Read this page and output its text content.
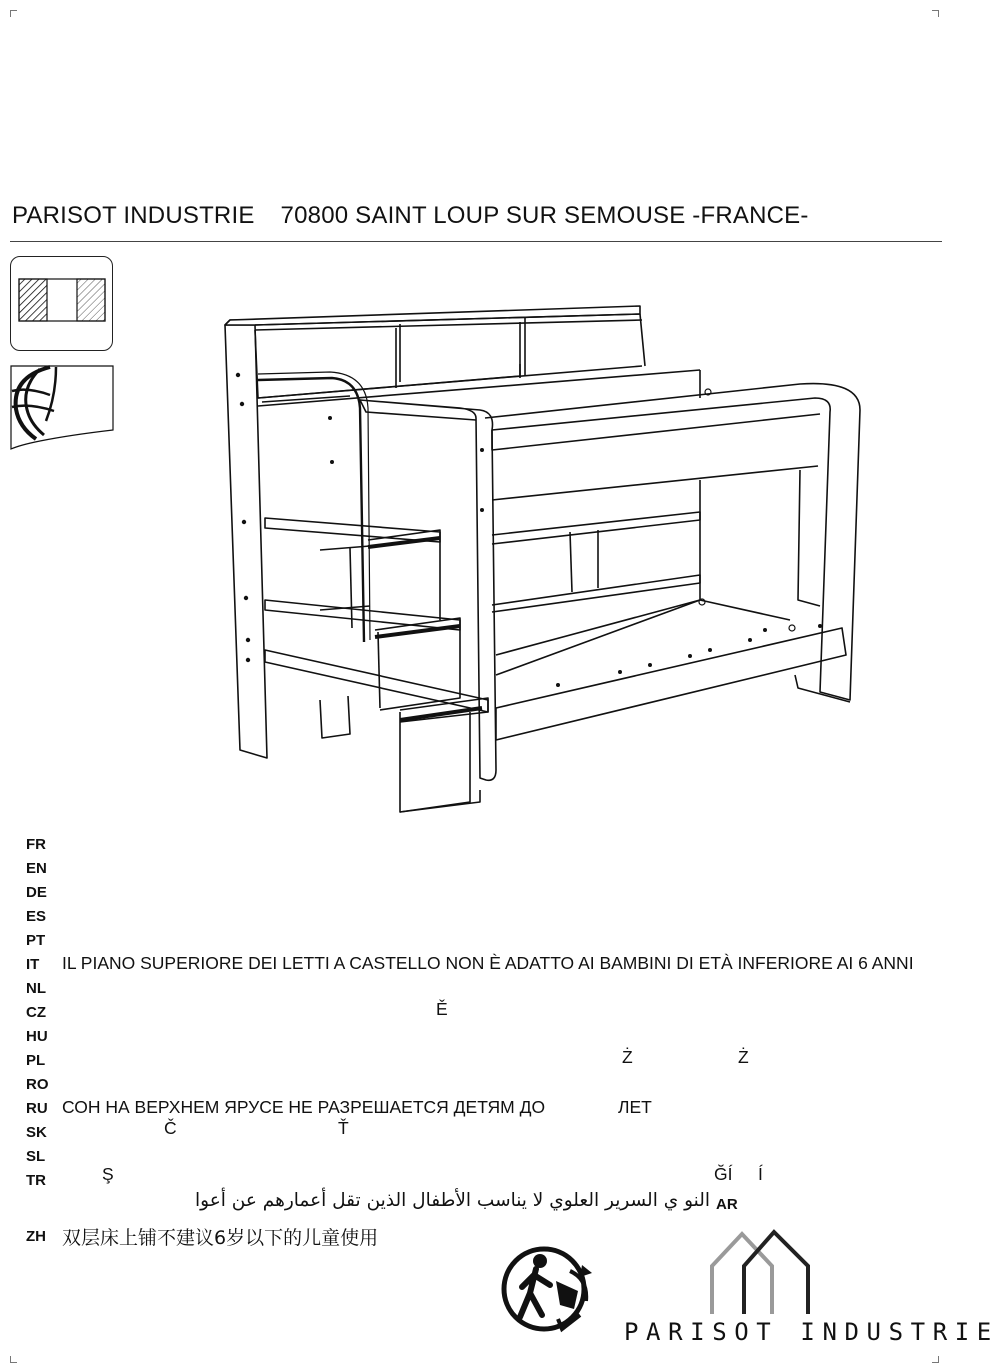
PARISOT INDUSTRIE 70800 SAINT LOUP SUR SEMOUSE -FRANCE-
FR
EN
DE
ES
PT
IT IL PIANO SUPERIORE DEI LETTI A CASTELLO NON È ADATTO AI BAMBINI DI ETÀ INFERIORE AI 6 ANNI
NL
CZ	Ě
HU
PL	Ż	Ż
RO
RU СОН НА ВЕРХНЕМ ЯРУСЕ НЕ РАЗРЕШАЕТСЯ ДЕТЯМ ДО	ЛЕТ
SK	Č	Ť
SL
TR	Ş	ĞÍ Í
النو ي السرير العلوي لا يناسب الأطفال الذين تقل أعمارهم عن أعوا AR
ZH 双层床上铺不建议6岁以下的儿童使用
PARISOT INDUSTRIE
